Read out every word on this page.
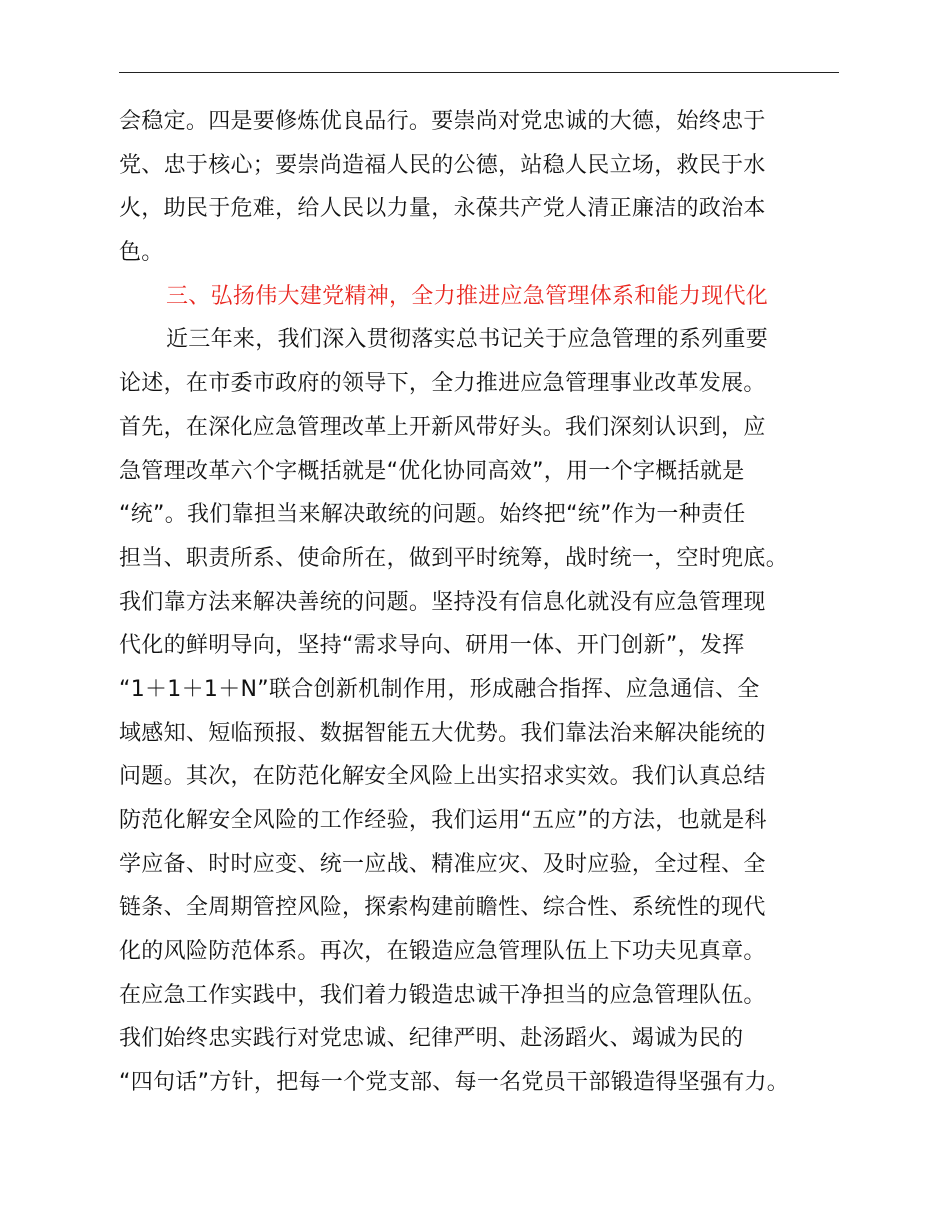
会稳定。四是要修炼优良品行。要崇尚对党忠诚的大德，始终忠于
党、忠于核心；要崇尚造福人民的公德，站稳人民立场，救民于水
火，助民于危难，给人民以力量，永葆共产党人清正廉洁的政治本
色。
三、弘扬伟大建党精神，全力推进应急管理体系和能力现代化
近三年来，我们深入贯彻落实总书记关于应急管理的系列重要
论述，在市委市政府的领导下，全力推进应急管理事业改革发展。
首先，在深化应急管理改革上开新风带好头。我们深刻认识到，应
急管理改革六个字概括就是“优化协同高效”，用一个字概括就是
“统”。我们靠担当来解决敢统的问题。始终把“统”作为一种责任
担当、职责所系、使命所在，做到平时统筹，战时统一，空时兜底。
我们靠方法来解决善统的问题。坚持没有信息化就没有应急管理现
代化的鲜明导向，坚持“需求导向、研用一体、开门创新”，发挥
“1＋1＋1＋N”联合创新机制作用，形成融合指挥、应急通信、全
域感知、短临预报、数据智能五大优势。我们靠法治来解决能统的
问题。其次，在防范化解安全风险上出实招求实效。我们认真总结
防范化解安全风险的工作经验，我们运用“五应”的方法，也就是科
学应备、时时应变、统一应战、精准应灾、及时应验，全过程、全
链条、全周期管控风险，探索构建前瞻性、综合性、系统性的现代
化的风险防范体系。再次，在锻造应急管理队伍上下功夫见真章。
在应急工作实践中，我们着力锻造忠诚干净担当的应急管理队伍。
我们始终忠实践行对党忠诚、纪律严明、赴汤蹈火、竭诚为民的
“四句话”方针，把每一个党支部、每一名党员干部锻造得坚强有力。
